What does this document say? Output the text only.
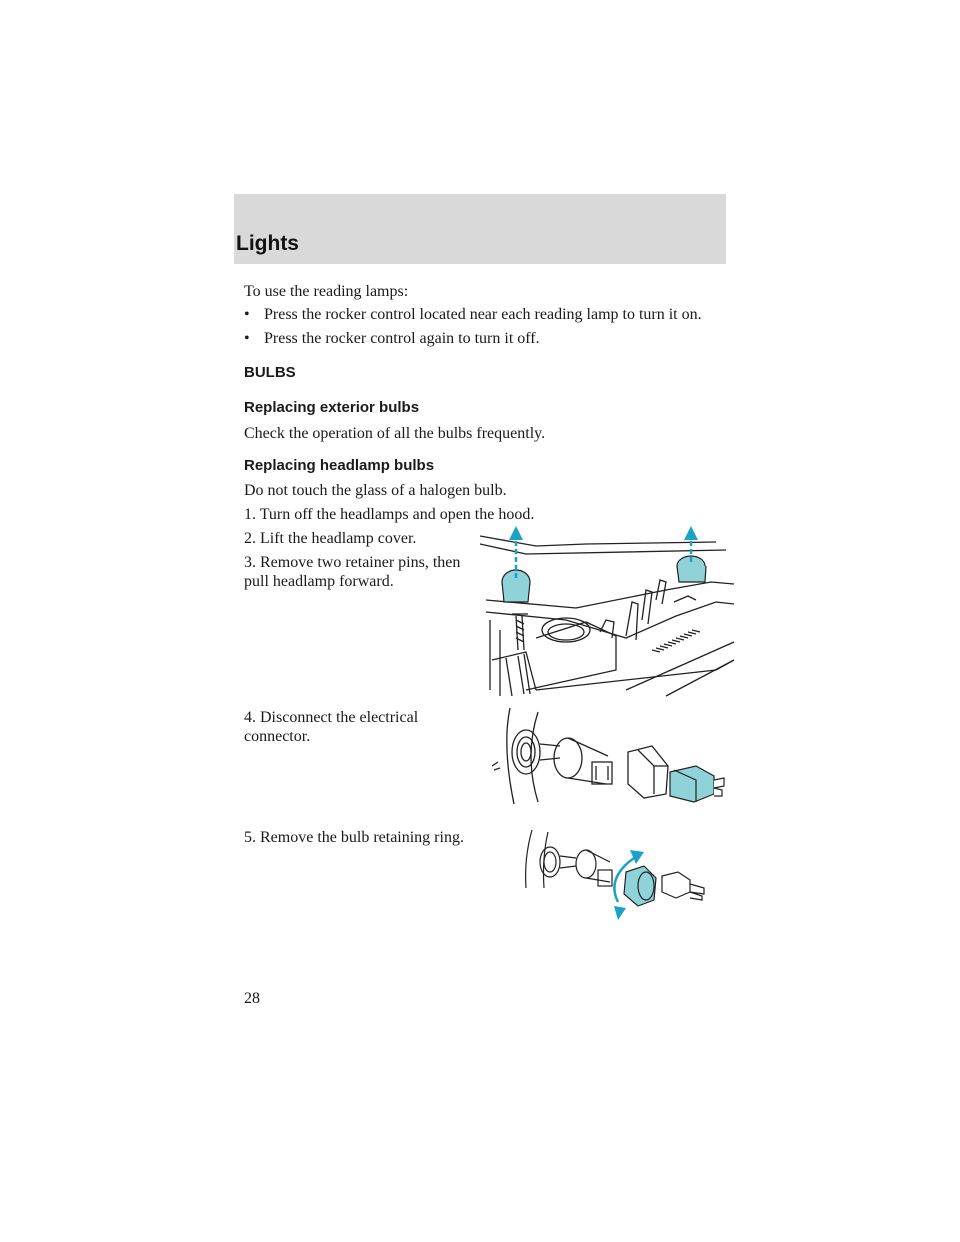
Lights
To use the reading lamps:
• Press the rocker control located near each reading lamp to turn it on.
• Press the rocker control again to turn it off.
BULBS
Replacing exterior bulbs
Check the operation of all the bulbs frequently.
Replacing headlamp bulbs
Do not touch the glass of a halogen bulb.
1. Turn off the headlamps and open the hood.
2. Lift the headlamp cover.
3. Remove two retainer pins, then
pull headlamp forward.
4. Disconnect the electrical
connector.
5. Remove the bulb retaining ring.
28
